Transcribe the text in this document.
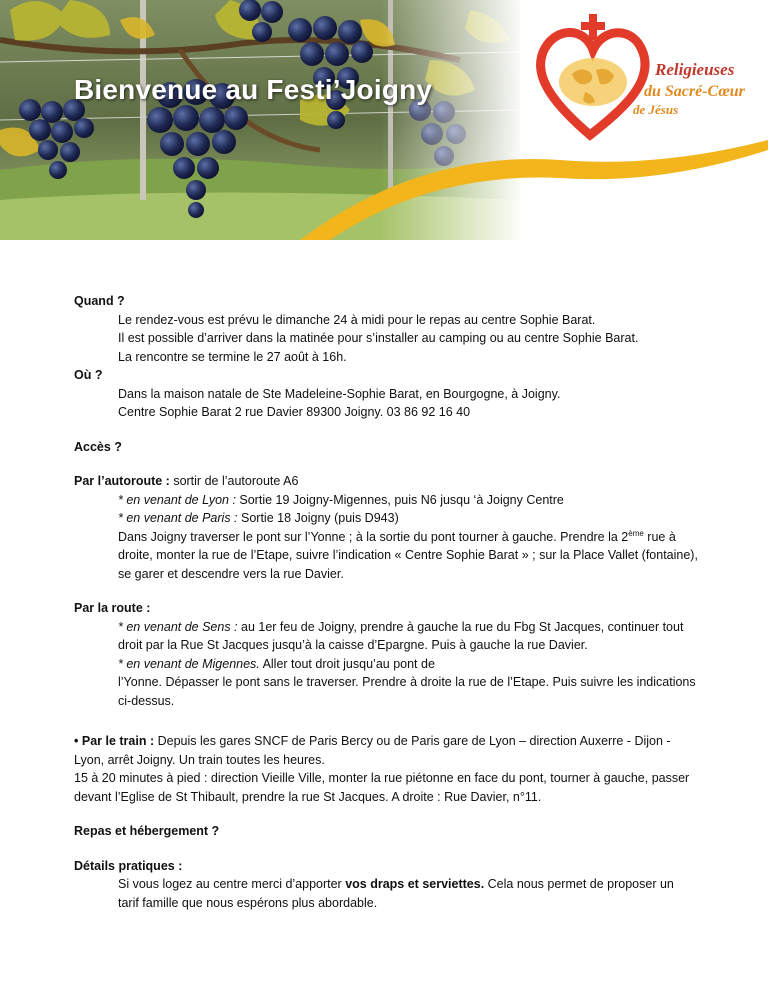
Bienvenue au Festi’Joigny
Religieuses
du Sacré-Cœur
de Jésus

Quand ?

Le rendez-vous est prévu le dimanche 24 à midi pour le repas au centre Sophie Barat.

Il est possible d’arriver dans la matinée pour s’installer au camping ou au centre Sophie Barat.

La rencontre se termine le 27 août à 16h.

Où ?

Dans la maison natale de Ste Madeleine-Sophie Barat, en Bourgogne, à Joigny.

Centre Sophie Barat 2 rue Davier 89300 Joigny. 03 86 92 16 40

Accès ?

Par l’autoroute : sortir de l’autoroute A6

* en venant de Lyon : Sortie 19 Joigny-Migennes, puis N6 jusqu ‘à Joigny Centre

* en venant de Paris : Sortie 18 Joigny (puis D943)

Dans Joigny traverser le pont sur l’Yonne ; à la sortie du pont tourner à gauche. Prendre la 2ème rue à droite, monter la rue de l’Etape, suivre l’indication « Centre Sophie Barat » ; sur la Place Vallet (fontaine), se garer et descendre vers la rue Davier.

Par la route :

* en venant de Sens : au 1er feu de Joigny, prendre à gauche la rue du Fbg St Jacques, continuer tout droit par la Rue St Jacques jusqu’à la caisse d’Epargne. Puis à gauche la rue Davier.

* en venant de Migennes. Aller tout droit jusqu’au pont de

l’Yonne. Dépasser le pont sans le traverser. Prendre à droite la rue de l’Etape. Puis suivre les indications ci-dessus.

• Par le train : Depuis les gares SNCF de Paris Bercy ou de Paris gare de Lyon – direction Auxerre - Dijon - Lyon, arrêt Joigny. Un train toutes les heures.

15 à 20 minutes à pied : direction Vieille Ville, monter la rue piétonne en face du pont, tourner à gauche, passer devant l’Eglise de St Thibault, prendre la rue St Jacques. A droite : Rue Davier, n°11.

Repas et hébergement ?

Détails pratiques :

Si vous logez au centre merci d’apporter vos draps et serviettes. Cela nous permet de proposer un tarif famille que nous espérons plus abordable.
